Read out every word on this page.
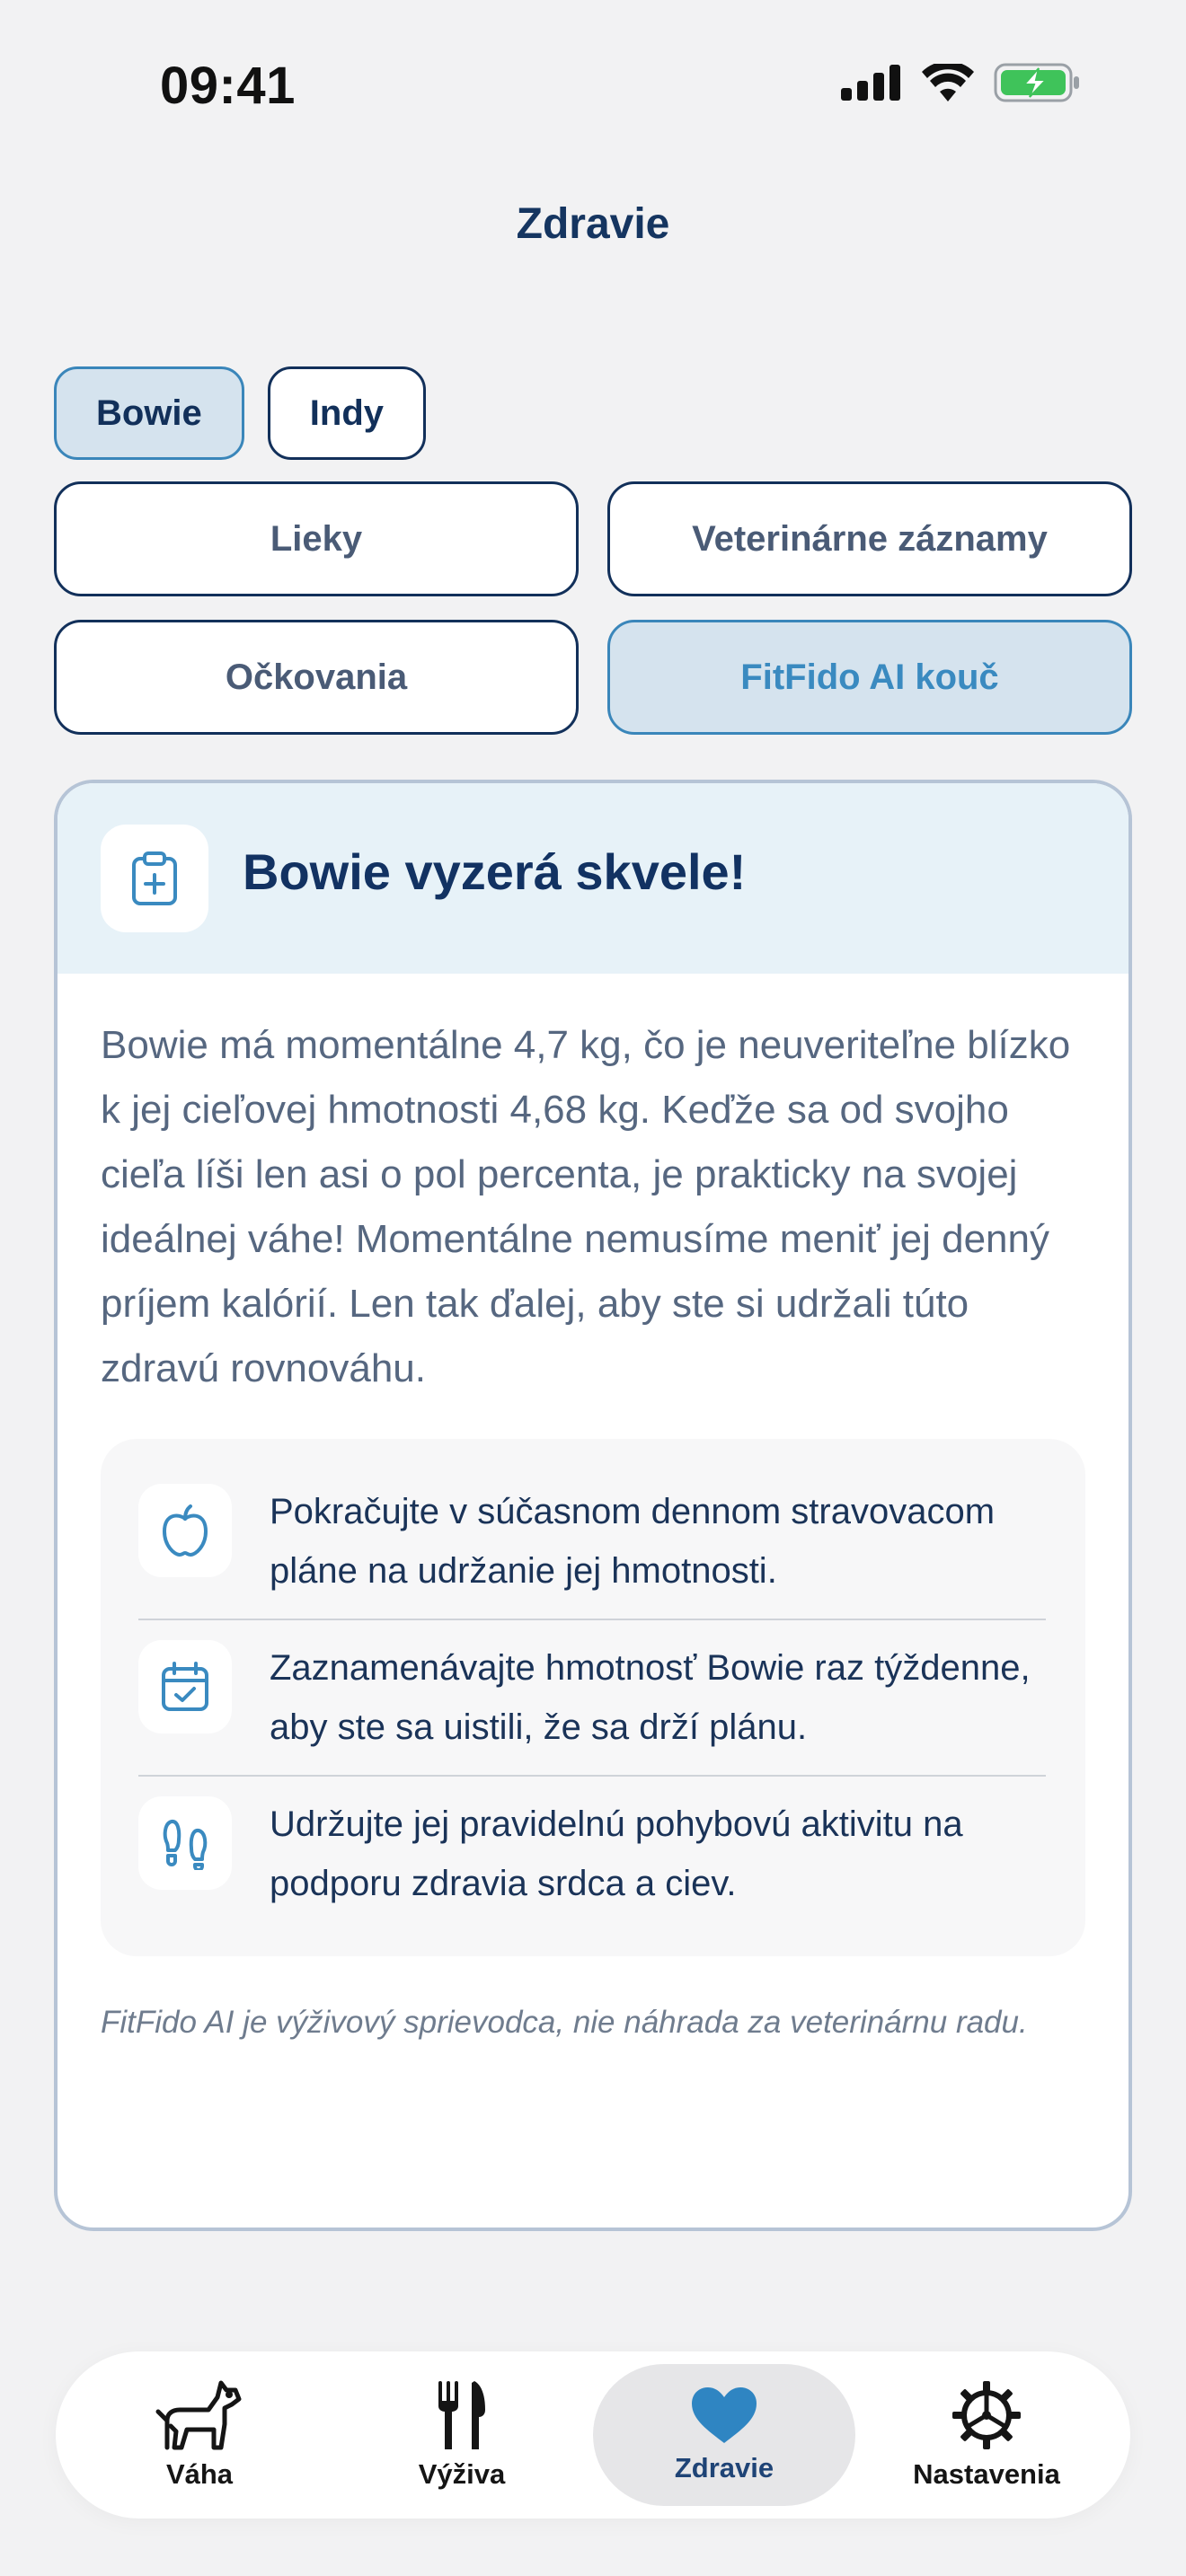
09:41
Zdravie
Bowie	Indy
Lieky	Veterinárne záznamy
Očkovania	FitFido AI kouč
Bowie vyzerá skvele!
Bowie má momentálne 4,7 kg, čo je neuveriteľne blízko k jej cieľovej hmotnosti 4,68 kg. Keďže sa od svojho cieľa líši len asi o pol percenta, je prakticky na svojej ideálnej váhe! Momentálne nemusíme meniť jej denný príjem kalórií. Len tak ďalej, aby ste si udržali túto zdravú rovnováhu.
Pokračujte v súčasnom dennom stravovacom pláne na udržanie jej hmotnosti.
Zaznamenávajte hmotnosť Bowie raz týždenne, aby ste sa uistili, že sa drží plánu.
Udržujte jej pravidelnú pohybovú aktivitu na podporu zdravia srdca a ciev.
FitFido AI je výživový sprievodca, nie náhrada za veterinárnu radu.
Váha	Výživa	Zdravie	Nastavenia
